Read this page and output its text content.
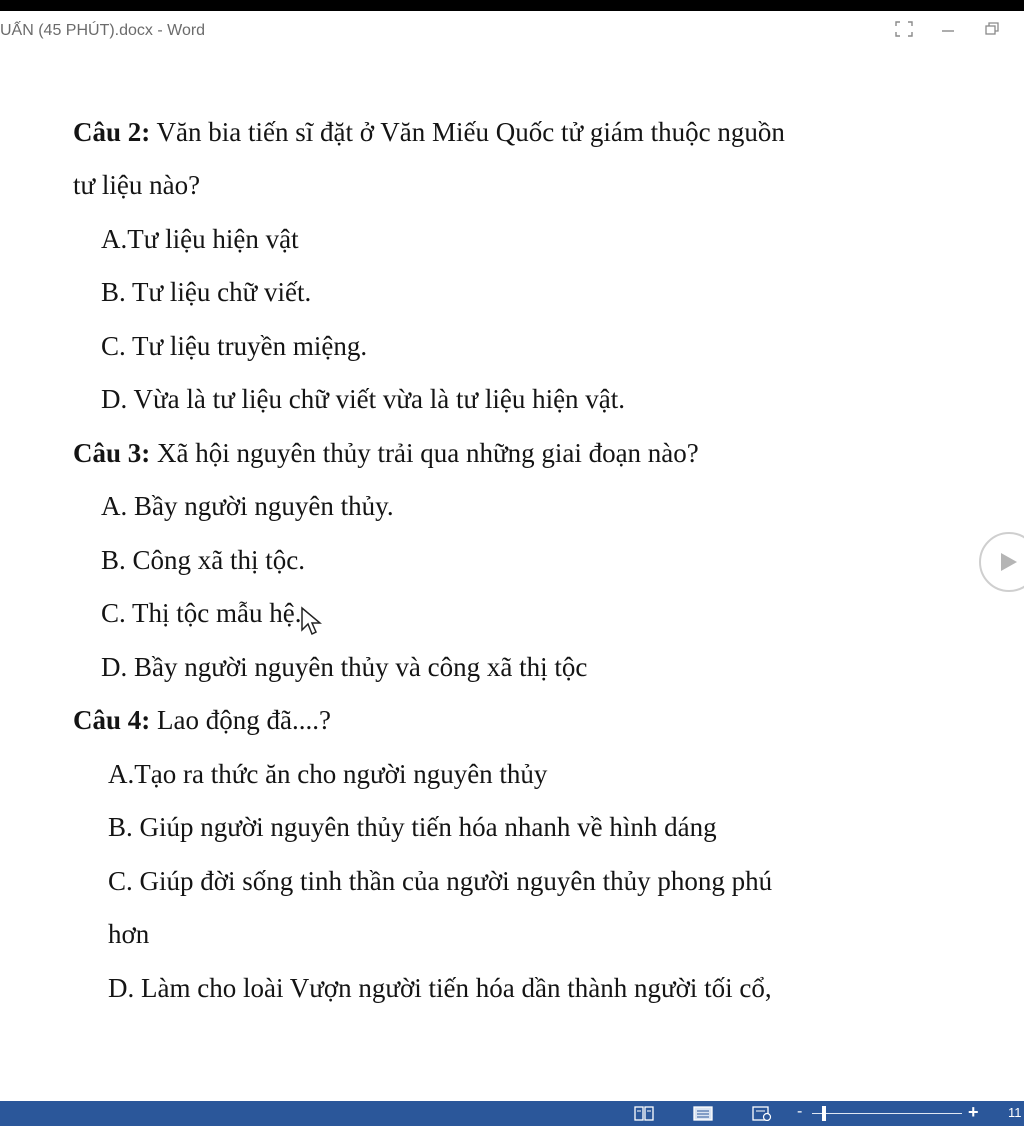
UẤN (45 PHÚT).docx - Word
Câu 2: Văn bia tiến sĩ đặt ở Văn Miếu Quốc tử giám thuộc nguồn
tư liệu nào?
A.Tư liệu hiện vật
B. Tư liệu chữ viết.
C. Tư liệu truyền miệng.
D. Vừa là tư liệu chữ viết vừa là tư liệu hiện vật.
Câu 3: Xã hội nguyên thủy trải qua những giai đoạn nào?
A. Bầy người nguyên thủy.
B. Công xã thị tộc.
C. Thị tộc mẫu hệ.
D. Bầy người nguyên thủy và công xã thị tộc
Câu 4: Lao động đã....?
A.Tạo ra thức ăn cho người nguyên thủy
B. Giúp người nguyên thủy tiến hóa nhanh về hình dáng
C. Giúp đời sống tinh thần của người nguyên thủy phong phú
hơn
D. Làm cho loài Vượn người tiến hóa dần thành người tối cổ,
-	+ 11
